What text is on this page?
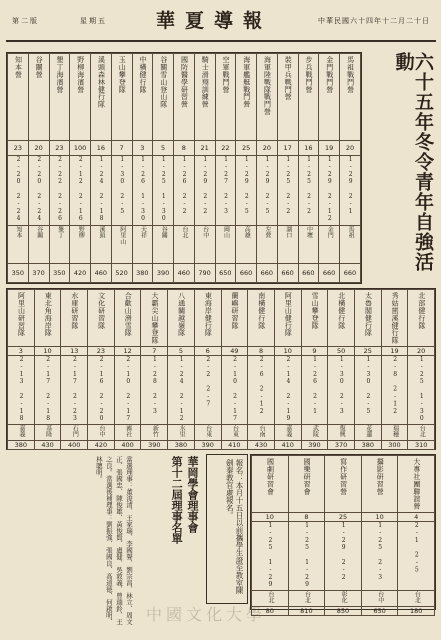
第二版	星期五	華夏導報	中華民國六十四年十二月二十日
六十五年冬令青年自強活動
知本營	谷關營	墾丁海濱營	野柳海濱營	溪頭森林健行隊	玉山攀登隊	中橫健行隊	谷關雪山登山隊	國防醫學研習營	騎士滑翔訓練營	空軍戰鬥營	海軍艦艇戰鬥營	海軍陸戰隊戰鬥營	裝甲兵戰鬥營	步兵戰鬥營	金門戰鬥營	馬祖戰鬥營
23	20	23	100	16	7	3	5	8	21	22	25	20	17	16	19	20
2-20 2-24	2-20 2-24	2-22 2-26	2-12 2-16	1-24 2-18	1-30 2-5	1-26 1-30	1-25 1-30	1-26 2-2	1-29 2-2	1-27 2-3	1-29 2-5	1-29 2-5	1-25 2-2	1-25 2-2	1-29 2-12	1-29 2-1
知本	谷關	墾丁	野柳	溪頭	阿里山	天祥	谷關	台北	台中	岡山	高雄	左營	湖口	中壢	金門	馬祖
350	370	350	420	460	520	380	390	460	790	650	660	660	660	660	660	660
阿里山研習隊	東北角海岸隊	水庫研習隊	文化研習隊	合歡山滑雪隊	大霸尖山攀登隊	八通關越嶺隊	東海岸健行隊	蘭嶼研習隊	南橫健行隊	阿里山健行隊	雪山攀登隊	北橫健行隊	太魯閣健行隊	秀姑巒溪健行隊	北部健行隊
3	10	13	23	12	7	5	6	49	8	10	9	50	25	19	20
2-13 2-18	2-17 2-18	2-17 2-23	2-16 2-20	2-10 2-17	1-28 2-3	1-24 2-12	2-2 2-7	2-10 2-17	2-6 2-12	2-14 2-19	1-26 2-1	1-30 2-3	1-30 2-5	2-8 2-12	1-25 1-30
嘉義	基隆	石門	台中	霧社	新竹	水里	台東	台東	台南	嘉義	武陵	復興	花蓮	瑞穗	台北
380	430	400	420	400	390	380	390	410	430	410	390	370	380	300	310
國劇研習會	國樂研習會	寫作研習營	攝影研習營	大專社團聯誼營
10	8	25	10	4
1-25 1-29	1-25 1-29	1-29 2-2	1-25 2-3	2-1 2-5
台北	台北	彰化	台中	台北
80	810	850	650	180
報名：本月十五日以前攜學生證至教室陳劍秦教官處報名。
華岡學會理事會
第十二屆理事名單
當選理事：董浚清、王家瑞、李國聲、劉宗昌、林立、周文正、張國忠、陳俊雄、黃俊賢、盧健、吳敦義、曾瑞鈴、王之良。當選後補理事：劉振強、張國良、高道德、何啟明、林聰明。
中國文化大學
